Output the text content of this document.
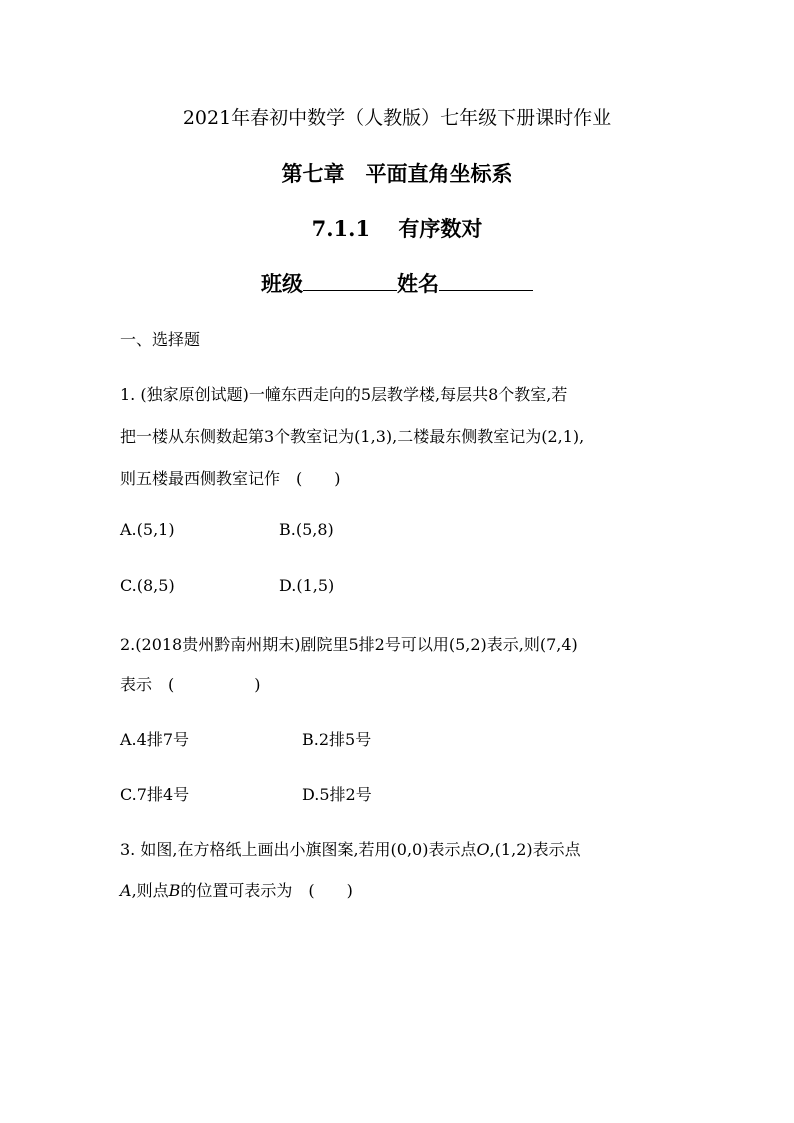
2021年春初中数学（人教版）七年级下册课时作业
第七章　平面直角坐标系
7.1.1　 有序数对
班级	姓名
一、选择题
1. (独家原创试题)一幢东西走向的5层教学楼,每层共8个教室,若
把一楼从东侧数起第3个教室记为(1,3),二楼最东侧教室记为(2,1),
则五楼最西侧教室记作　(　　)
A.(5,1)	B.(5,8)
C.(8,5)	D.(1,5)
2.(2018贵州黔南州期末)剧院里5排2号可以用(5,2)表示,则(7,4)
表示　(　　　　　)
A.4排7号	B.2排5号
C.7排4号	D.5排2号
3. 如图,在方格纸上画出小旗图案,若用(0,0)表示点O,(1,2)表示点
A,则点B的位置可表示为　(　　)
